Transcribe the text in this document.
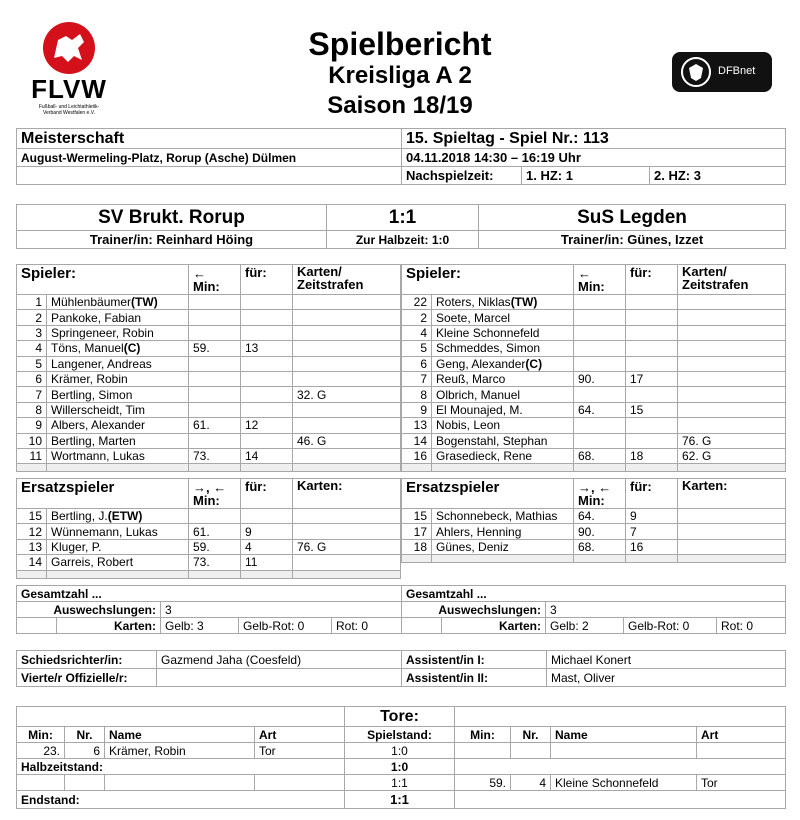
FLVW
Fußball- und Leichtathletik-Verband Westfalen e.V.
Spielbericht
Kreisliga A 2
Saison 18/19
DFBnet
Meisterschaft	15. Spieltag - Spiel Nr.: 113		
August-Wermeling-Platz, Rorup (Asche) Dülmen	04.11.2018 14:30 – 16:19 Uhr		
	Nachspielzeit:	1. HZ: 1	2. HZ: 3
SV Brukt. Rorup	1:1	SuS Legden
Trainer/in: Reinhard Höing	Zur Halbzeit: 1:0	Trainer/in: Günes, Izzet
Spieler:		←
Min:	für:	Karten/
Zeitstrafen
1	Mühlenbäumer(TW)			
2	Pankoke, Fabian			
3	Springeneer, Robin			
4	Töns, Manuel(C)	59.	13	
5	Langener, Andreas			
6	Krämer, Robin			
7	Bertling, Simon			32. G
8	Willerscheidt, Tim			
9	Albers, Alexander	61.	12	
10	Bertling, Marten			46. G
11	Wortmann, Lukas	73.	14	

Spieler:		←
Min:	für:	Karten/
Zeitstrafen
22	Roters, Niklas(TW)			
2	Soete, Marcel			
4	Kleine Schonnefeld			
5	Schmeddes, Simon			
6	Geng, Alexander(C)			
7	Reuß, Marco	90.	17	
8	Olbrich, Manuel			
9	El Mounajed, M.	64.	15	
13	Nobis, Leon			
14	Bogenstahl, Stephan			76. G
16	Grasedieck, Rene	68.	18	62. G

Ersatzspieler		→, ←
Min:	für:	Karten:
15	Bertling, J.(ETW)			
12	Wünnemann, Lukas	61.	9	
13	Kluger, P.	59.	4	76. G
14	Garreis, Robert	73.	11	

Ersatzspieler		→, ←
Min:	für:	Karten:
15	Schonnebeck, Mathias	64.	9	
17	Ahlers, Henning	90.	7	
18	Günes, Deniz	68.	16	

Gesamtzahl ...					Gesamtzahl ...				
Auswechslungen:		3			Auswechslungen:		3		
	Karten:	Gelb: 3	Gelb-Rot: 0	Rot: 0		Karten:	Gelb: 2	Gelb-Rot: 0	Rot: 0
Schiedsrichter/in:	Gazmend Jaha (Coesfeld)	Assistent/in I:	Michael Konert
Vierte/r Offizielle/r:		Assistent/in II:	Mast, Oliver
				Tore:				
Min:	Nr.	Name	Art	Spielstand:	Min:	Nr.	Name	Art
23.	6	Krämer, Robin	Tor	1:0				
Halbzeitstand:				1:0				
				1:1	59.	4	Kleine Schonnefeld	Tor
Endstand:				1:1				
